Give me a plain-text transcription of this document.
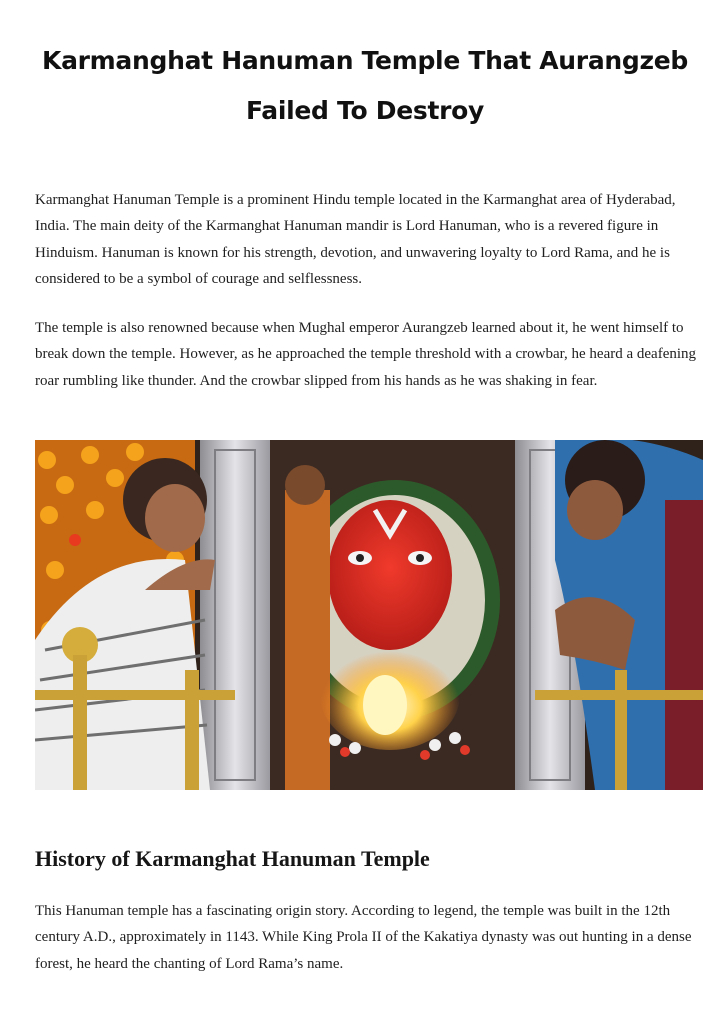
Karmanghat Hanuman Temple That Aurangzeb Failed To Destroy

Karmanghat Hanuman Temple is a prominent Hindu temple located in the Karmanghat area of Hyderabad, India. The main deity of the Karmanghat Hanuman mandir is Lord Hanuman, who is a revered figure in Hinduism. Hanuman is known for his strength, devotion, and unwavering loyalty to Lord Rama, and he is considered to be a symbol of courage and selflessness.

The temple is also renowned because when Mughal emperor Aurangzeb learned about it, he went himself to break down the temple. However, as he approached the temple threshold with a crowbar, he heard a deafening roar rumbling like thunder. And the crowbar slipped from his hands as he was shaking in fear.

History of Karmanghat Hanuman Temple

This Hanuman temple has a fascinating origin story. According to legend, the temple was built in the 12th century A.D., approximately in 1143. While King Prola II of the Kakatiya dynasty was out hunting in a dense forest, he heard the chanting of Lord Rama’s name.
